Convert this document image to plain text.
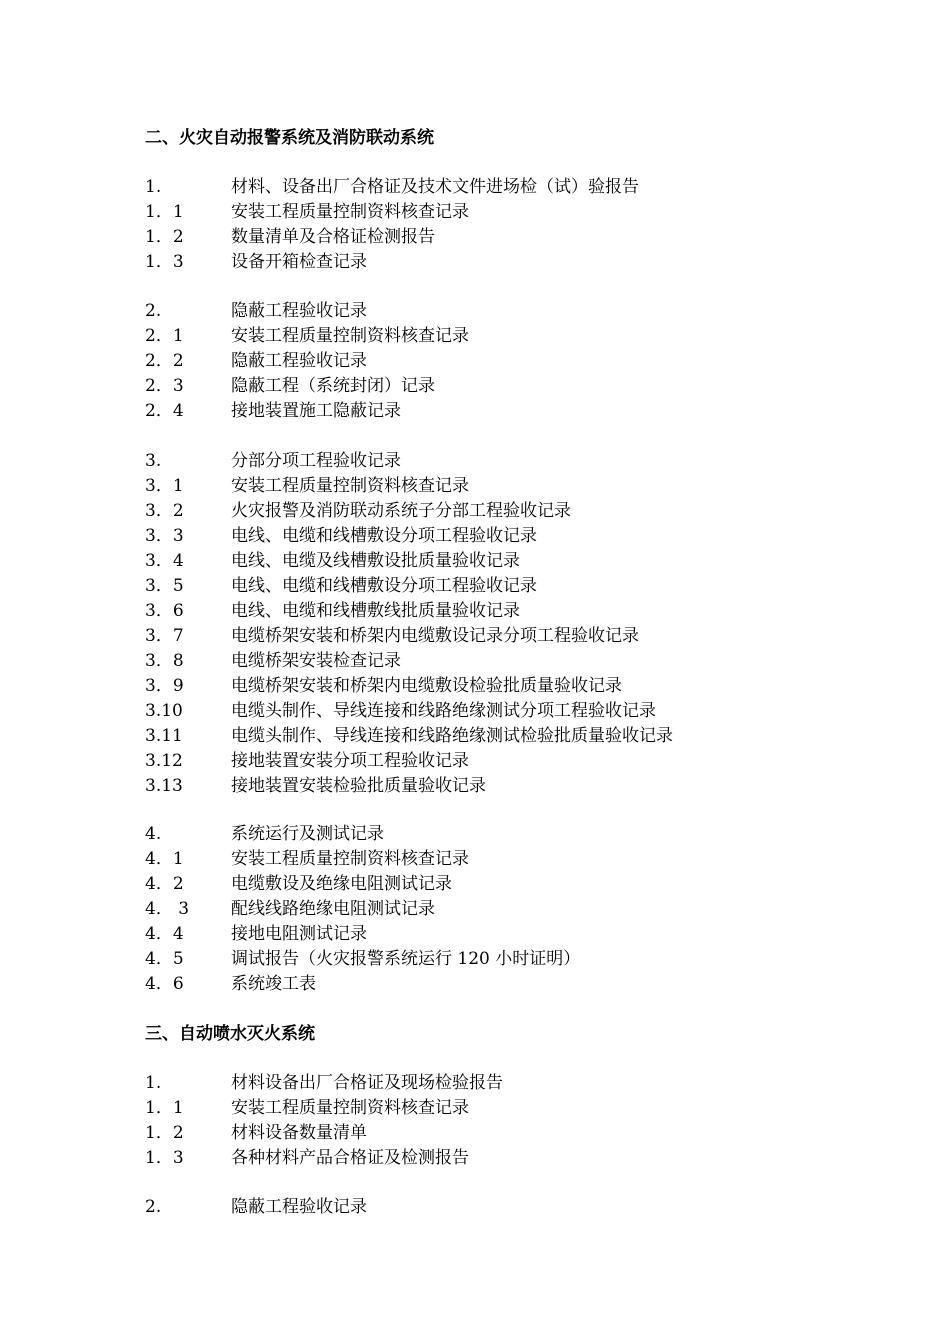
二、火灾自动报警系统及消防联动系统
1.	材料、设备出厂合格证及技术文件进场检（试）验报告
1．1	安装工程质量控制资料核查记录
1．2	数量清单及合格证检测报告
1．3	设备开箱检查记录
2.	隐蔽工程验收记录
2．1	安装工程质量控制资料核查记录
2．2	隐蔽工程验收记录
2．3	隐蔽工程（系统封闭）记录
2．4	接地装置施工隐蔽记录
3.	分部分项工程验收记录
3．1	安装工程质量控制资料核查记录
3．2	火灾报警及消防联动系统子分部工程验收记录
3．3	电线、电缆和线槽敷设分项工程验收记录
3．4	电线、电缆及线槽敷设批质量验收记录
3．5	电线、电缆和线槽敷设分项工程验收记录
3．6	电线、电缆和线槽敷线批质量验收记录
3．7	电缆桥架安装和桥架内电缆敷设记录分项工程验收记录
3．8	电缆桥架安装检查记录
3．9	电缆桥架安装和桥架内电缆敷设检验批质量验收记录
3.10	电缆头制作、导线连接和线路绝缘测试分项工程验收记录
3.11	电缆头制作、导线连接和线路绝缘测试检验批质量验收记录
3.12	接地装置安装分项工程验收记录
3.13	接地装置安装检验批质量验收记录
4.	系统运行及测试记录
4．1	安装工程质量控制资料核查记录
4．2	电缆敷设及绝缘电阻测试记录
4． 3	配线线路绝缘电阻测试记录
4．4	接地电阻测试记录
4．5	调试报告（火灾报警系统运行 120 小时证明）
4．6	系统竣工表
三、自动喷水灭火系统
1.	材料设备出厂合格证及现场检验报告
1．1	安装工程质量控制资料核查记录
1．2	材料设备数量清单
1．3	各种材料产品合格证及检测报告
2.	隐蔽工程验收记录
